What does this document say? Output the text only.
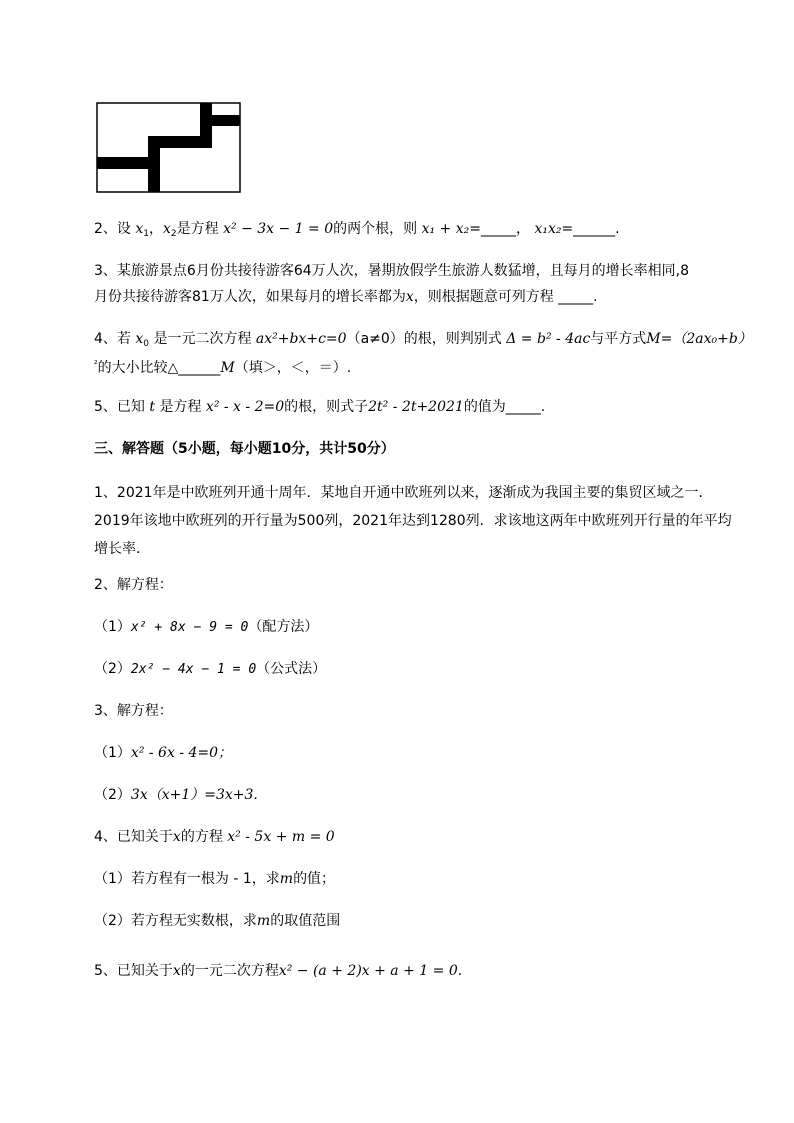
2、设 $x_1$，$x_2$是方程 x² − 3x − 1 = 0的两个根，则 x₁ + x₂=_____， x₁x₂=______.
3、某旅游景点6月份共接待游客64万人次，暑期放假学生旅游人数猛增，且每月的增长率相同,8
月份共接待游客81万人次，如果每月的增长率都为x，则根据题意可列方程 _____.
4、若 $x_0$ 是一元二次方程 ax²+bx+c=0（a≠0）的根，则判别式 Δ = b² - 4ac与平方式M=（2ax₀+b）
$^{^2}$的大小比较△______M（填＞，＜，＝）.
5、已知 t 是方程 x² - x - 2=0的根，则式子2t² - 2t+2021的值为_____.
三、解答题（5小题，每小题10分，共计50分）
1、2021年是中欧班列开通十周年．某地自开通中欧班列以来，逐渐成为我国主要的集贸区域之一．2019年该地中欧班列的开行量为500列，2021年达到1280列．求该地这两年中欧班列开行量的年平均增长率．
2、解方程：
（1）x² + 8x − 9 = 0（配方法）
（2）2x² − 4x − 1 = 0（公式法）
3、解方程：
（1）x² - 6x - 4=0；
（2）3x（x+1）=3x+3.
4、已知关于x的方程 x² - 5x + m = 0
（1）若方程有一根为 - 1，求m的值；
（2）若方程无实数根，求m的取值范围
5、已知关于x的一元二次方程x² − (a + 2)x + a + 1 = 0.
